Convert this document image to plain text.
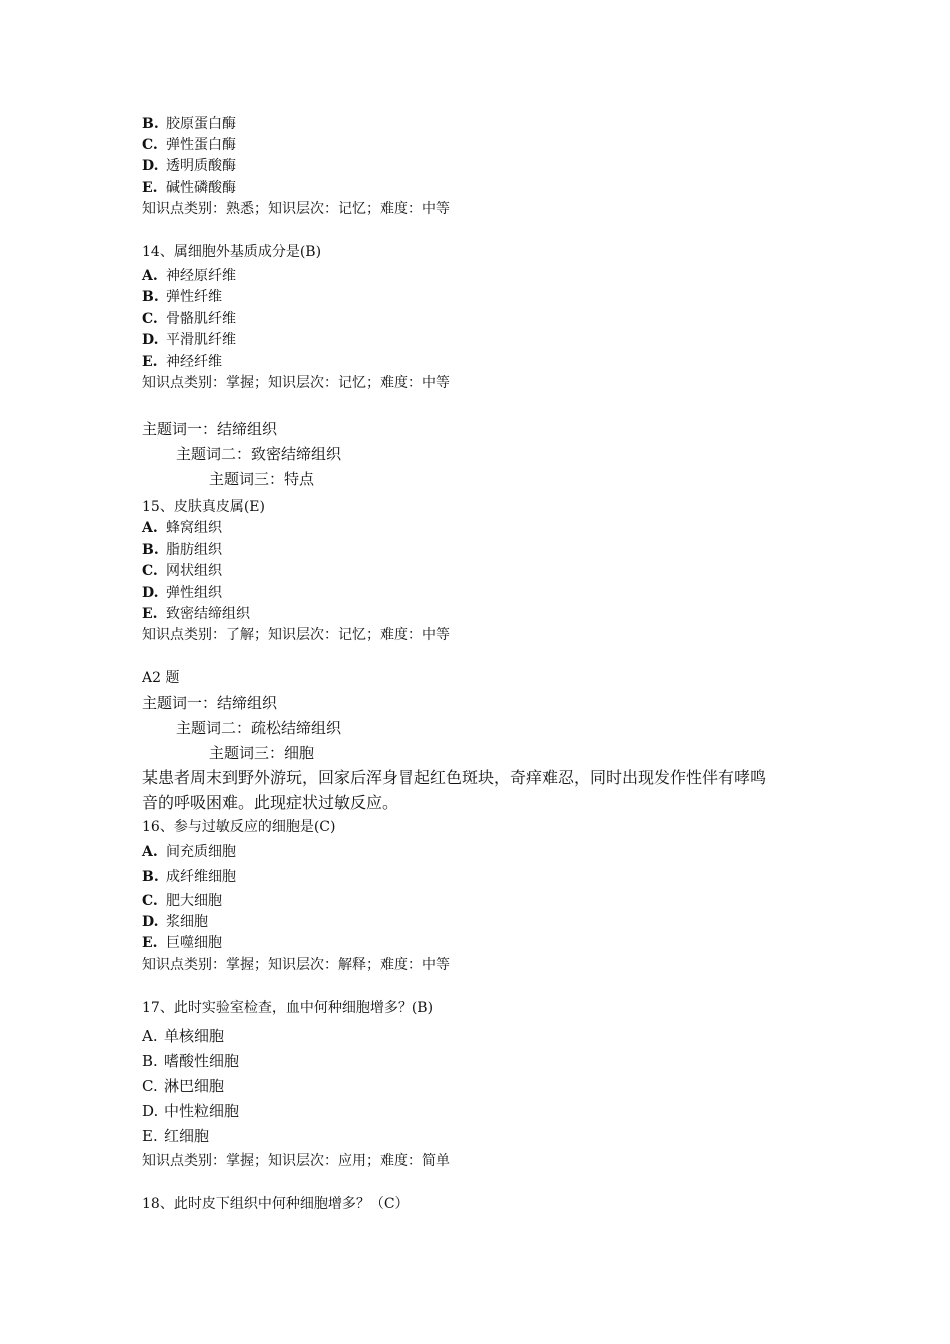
B. 胶原蛋白酶
C. 弹性蛋白酶
D. 透明质酸酶
E. 碱性磷酸酶
知识点类别：熟悉；知识层次：记忆；难度：中等
14、属细胞外基质成分是(B)
A. 神经原纤维
B. 弹性纤维
C. 骨骼肌纤维
D. 平滑肌纤维
E. 神经纤维
知识点类别：掌握；知识层次：记忆；难度：中等
主题词一：结缔组织
主题词二：致密结缔组织
主题词三：特点
15、皮肤真皮属(E)
A. 蜂窝组织
B. 脂肪组织
C. 网状组织
D. 弹性组织
E. 致密结缔组织
知识点类别：了解；知识层次：记忆；难度：中等
A2 题
主题词一：结缔组织
主题词二：疏松结缔组织
主题词三：细胞
某患者周末到野外游玩，回家后浑身冒起红色斑块，奇痒难忍，同时出现发作性伴有哮鸣
音的呼吸困难。此现症状过敏反应。
16、参与过敏反应的细胞是(C)
A. 间充质细胞
B. 成纤维细胞
C. 肥大细胞
D. 浆细胞
E. 巨噬细胞
知识点类别：掌握；知识层次：解释；难度：中等
17、此时实验室检查，血中何种细胞增多？(B)
A. 单核细胞
B. 嗜酸性细胞
C. 淋巴细胞
D. 中性粒细胞
E. 红细胞
知识点类别：掌握；知识层次：应用；难度：简单
18、此时皮下组织中何种细胞增多？（C）
